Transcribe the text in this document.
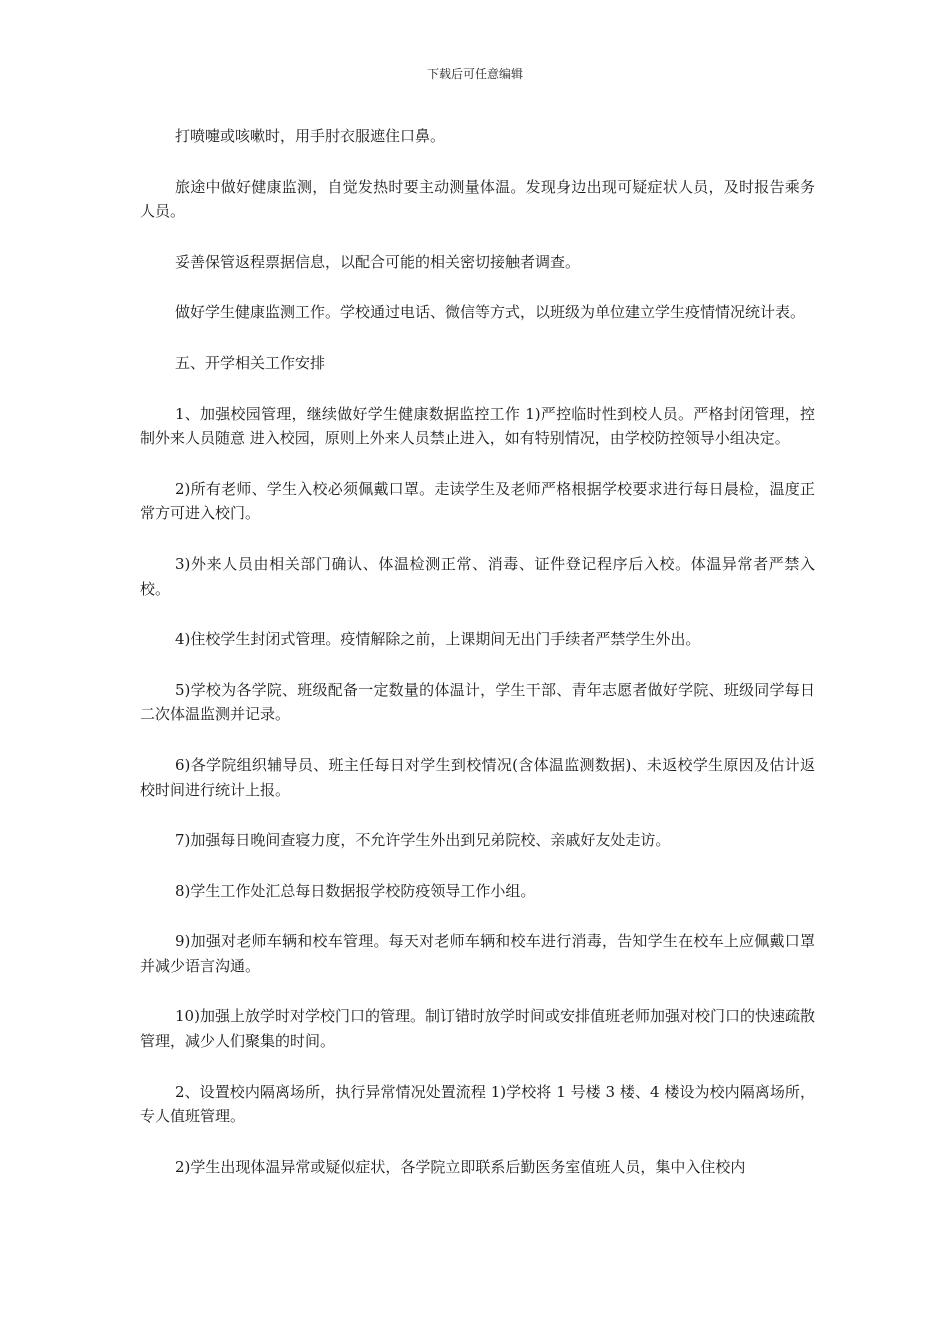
下载后可任意编辑

打喷嚏或咳嗽时，用手肘衣服遮住口鼻。

旅途中做好健康监测，自觉发热时要主动测量体温。发现身边出现可疑症状人员，及时报告乘务人员。

妥善保管返程票据信息，以配合可能的相关密切接触者调查。

做好学生健康监测工作。学校通过电话、微信等方式，以班级为单位建立学生疫情情况统计表。

五、开学相关工作安排

1、加强校园管理，继续做好学生健康数据监控工作 1)严控临时性到校人员。严格封闭管理，控制外来人员随意 进入校园，原则上外来人员禁止进入，如有特别情况，由学校防控领导小组决定。

2)所有老师、学生入校必须佩戴口罩。走读学生及老师严格根据学校要求进行每日晨检，温度正常方可进入校门。

3)外来人员由相关部门确认、体温检测正常、消毒、证件登记程序后入校。体温异常者严禁入校。

4)住校学生封闭式管理。疫情解除之前，上课期间无出门手续者严禁学生外出。

5)学校为各学院、班级配备一定数量的体温计，学生干部、青年志愿者做好学院、班级同学每日二次体温监测并记录。

6)各学院组织辅导员、班主任每日对学生到校情况(含体温监测数据)、未返校学生原因及估计返校时间进行统计上报。

7)加强每日晚间查寝力度，不允许学生外出到兄弟院校、亲戚好友处走访。

8)学生工作处汇总每日数据报学校防疫领导工作小组。

9)加强对老师车辆和校车管理。每天对老师车辆和校车进行消毒，告知学生在校车上应佩戴口罩并减少语言沟通。

10)加强上放学时对学校门口的管理。制订错时放学时间或安排值班老师加强对校门口的快速疏散管理，减少人们聚集的时间。

2、设置校内隔离场所，执行异常情况处置流程 1)学校将 1 号楼 3 楼、4 楼设为校内隔离场所，专人值班管理。

2)学生出现体温异常或疑似症状，各学院立即联系后勤医务室值班人员，集中入住校内
